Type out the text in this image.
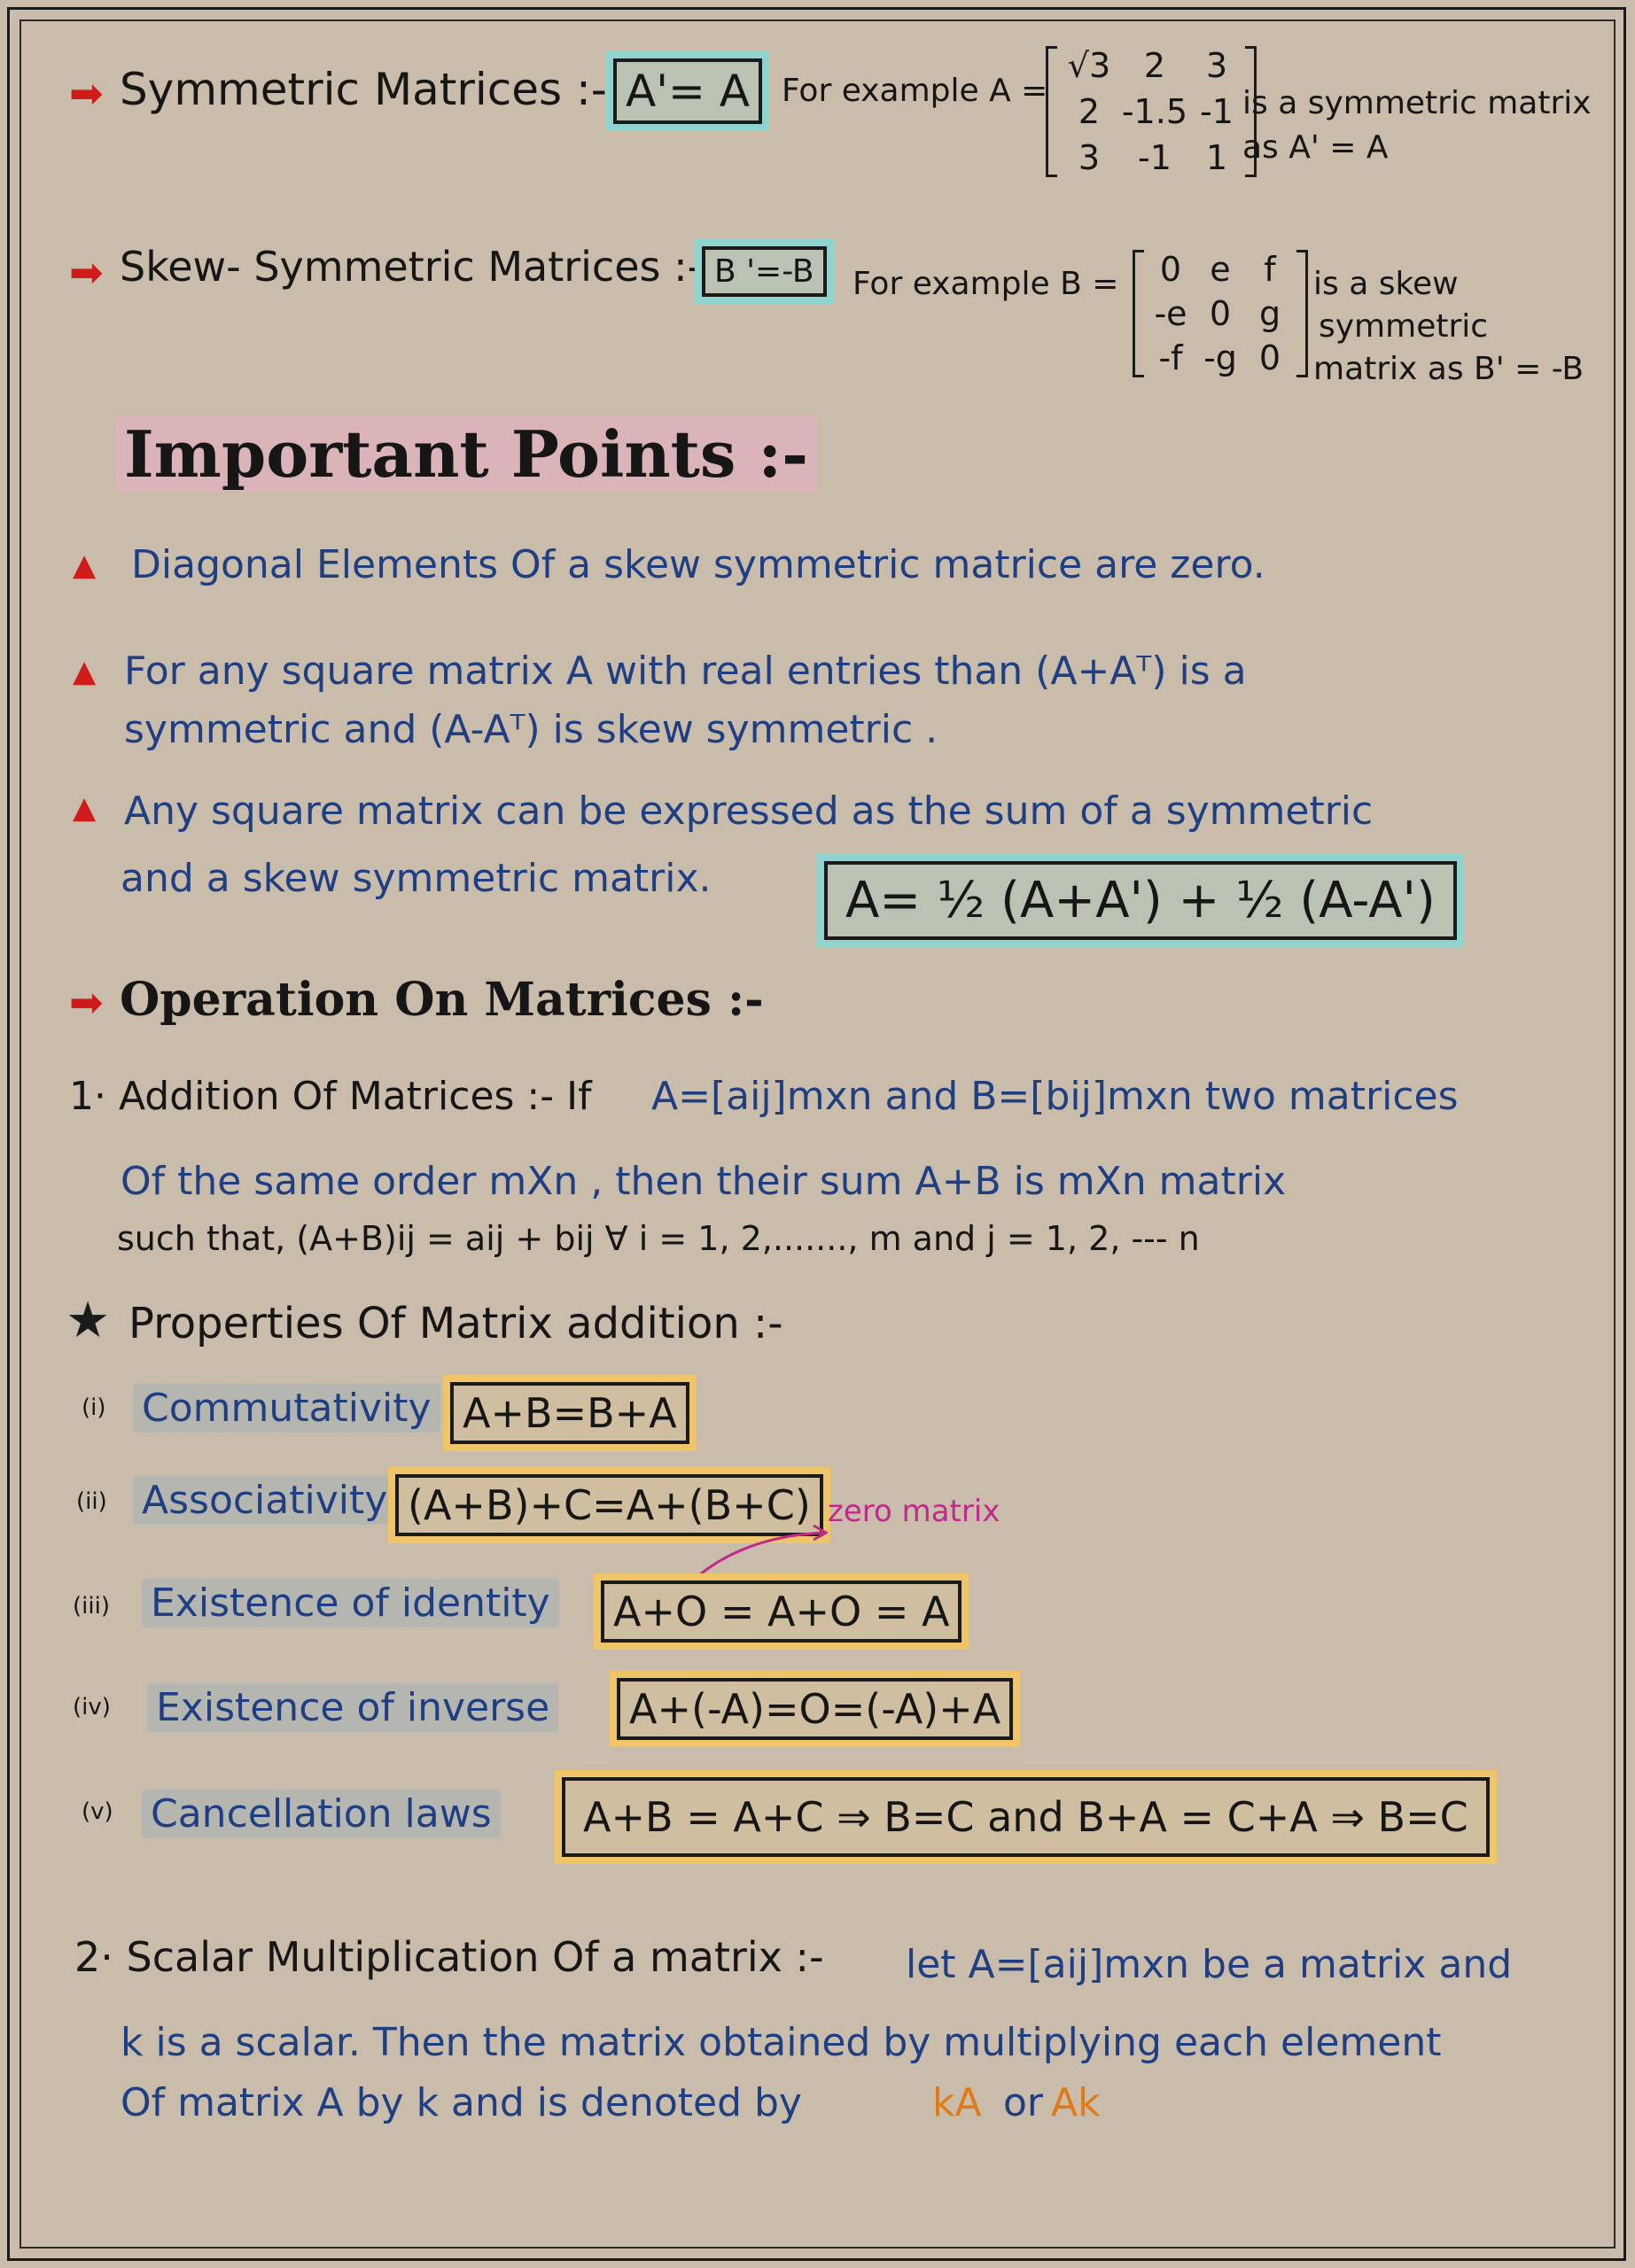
➡ Symmetric Matrices :- A'= A	For example A =
√3 2	3
2 -1.5 -1
3	-1	1
is a symmetric matrix
as A' = A
➡ Skew- Symmetric Matrices :- B '=-B	For example B =	0 e f
-e 0 g
-f -g 0
is a skew
symmetric
matrix as B' = -B
Important Points :-
▲ Diagonal Elements Of a skew symmetric matrice are zero.
▲ For any square matrix A with real entries than (A+Aᵀ) is a
symmetric and (A-Aᵀ) is skew symmetric .
▲ Any square matrix can be expressed as the sum of a symmetric
and a skew symmetric matrix.	A= ½ (A+A') + ½ (A-A')
➡ Operation On Matrices :-
1· Addition Of Matrices :- If A=[aij]mxn and B=[bij]mxn two matrices
Of the same order mXn , then their sum A+B is mXn matrix
such that, (A+B)ij = aij + bij ∀ i = 1, 2,......., m and j = 1, 2, --- n
★ Properties Of Matrix addition :-
(i) Commutativity A+B=B+A
(ii) Associativity (A+B)+C=A+(B+C) zero matrix
(iii) Existence of identity	A+O = A+O = A
(iv) Existence of inverse	A+(-A)=O=(-A)+A
(v) Cancellation laws	A+B = A+C ⇒ B=C and B+A = C+A ⇒ B=C
2· Scalar Multiplication Of a matrix :- let A=[aij]mxn be a matrix and
k is a scalar. Then the matrix obtained by multiplying each element
Of matrix A by k and is denoted by	kA or Ak
